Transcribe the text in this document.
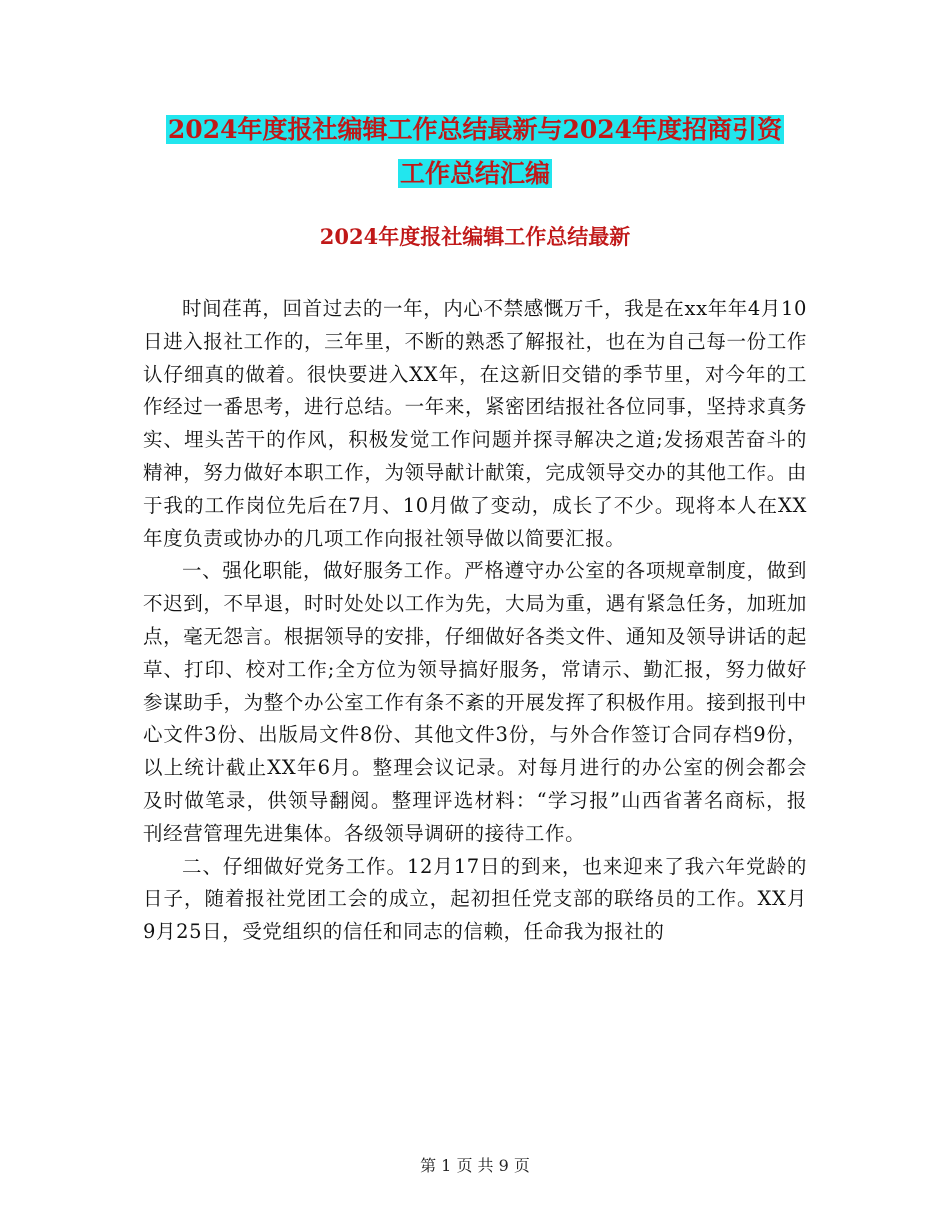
2024年度报社编辑工作总结最新与2024年度招商引资
工作总结汇编
2024年度报社编辑工作总结最新

时间荏苒，回首过去的一年，内心不禁感慨万千，我是在xx年年4月10日进入报社工作的，三年里，不断的熟悉了解报社，也在为自己每一份工作认仔细真的做着。很快要进入XX年，在这新旧交错的季节里，对今年的工作经过一番思考，进行总结。一年来，紧密团结报社各位同事，坚持求真务实、埋头苦干的作风，积极发觉工作问题并探寻解决之道;发扬艰苦奋斗的精神，努力做好本职工作，为领导献计献策，完成领导交办的其他工作。由于我的工作岗位先后在7月、10月做了变动，成长了不少。现将本人在XX年度负责或协办的几项工作向报社领导做以简要汇报。

一、强化职能，做好服务工作。严格遵守办公室的各项规章制度，做到不迟到，不早退，时时处处以工作为先，大局为重，遇有紧急任务，加班加点，毫无怨言。根据领导的安排，仔细做好各类文件、通知及领导讲话的起草、打印、校对工作;全方位为领导搞好服务，常请示、勤汇报，努力做好参谋助手，为整个办公室工作有条不紊的开展发挥了积极作用。接到报刊中心文件3份、出版局文件8份、其他文件3份，与外合作签订合同存档9份，以上统计截止XX年6月。整理会议记录。对每月进行的办公室的例会都会及时做笔录，供领导翻阅。整理评选材料：“学习报”山西省著名商标，报刊经营管理先进集体。各级领导调研的接待工作。

二、仔细做好党务工作。12月17日的到来，也来迎来了我六年党龄的日子，随着报社党团工会的成立，起初担任党支部的联络员的工作。XX月9月25日，受党组织的信任和同志的信赖，任命我为报社的

第 1 页 共 9 页
